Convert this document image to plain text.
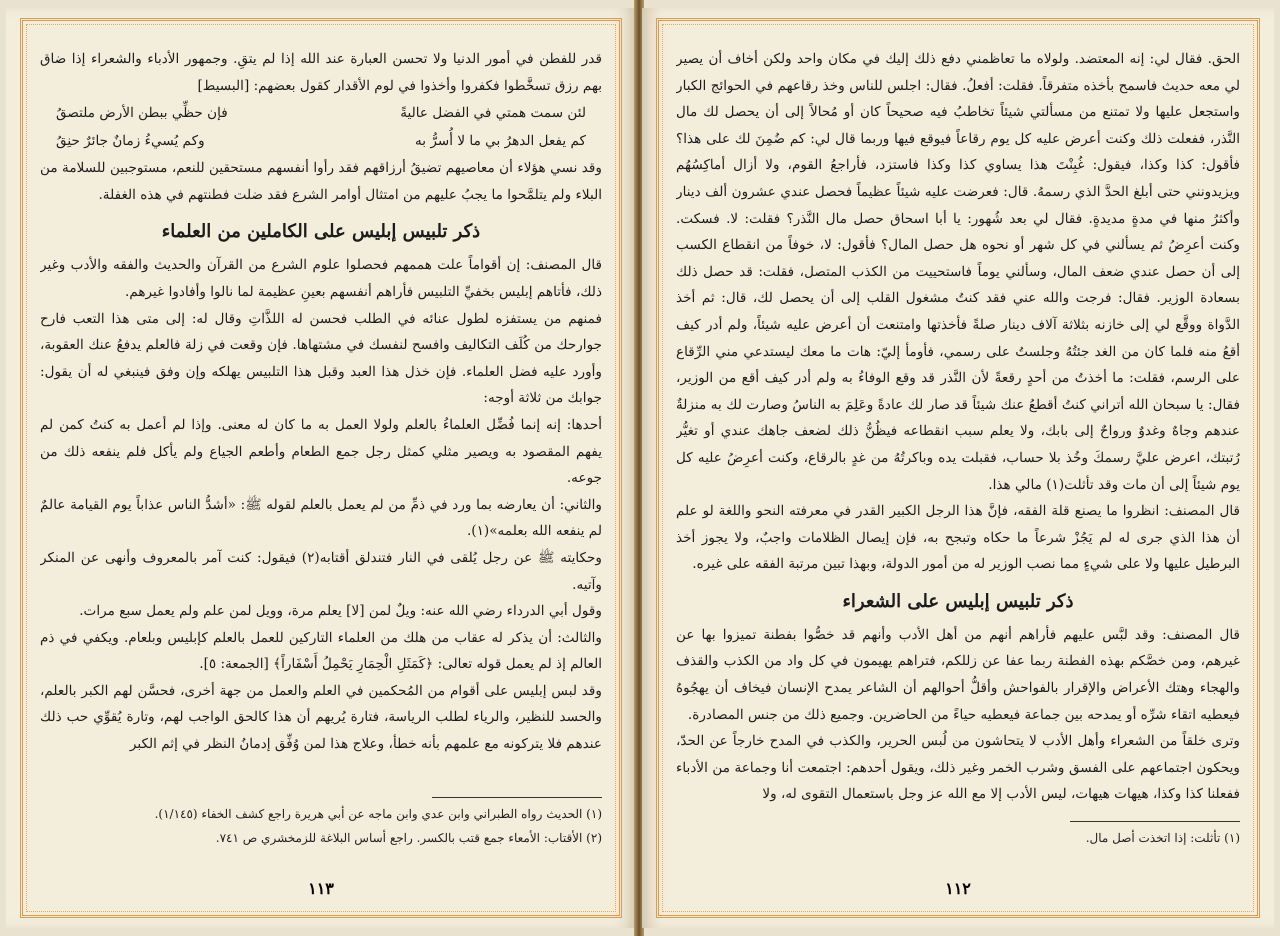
قدر للفطن في أمور الدنيا ولا تحسن العبارة عند الله إذا لم يتقِ. وجمهور الأدباء والشعراء إذا ضاق بهم رزق تسخَّطوا فكفروا وأخذوا في لوم الأقدار كقول بعضهم: [البسيط]

لئن سمت همتي في الفضل عاليةً
فإن حظِّي ببطن الأرض ملتصقُ
كم يفعل الدهرُ بي ما لا أُسرُّ به
وكم يُسيءُ زمانٌ جائرٌ حنِقُ

وقد نسي هؤلاء أن معاصيهم تضيقُ أرزاقهم فقد رأوا أنفسهم مستحقين للنعم، مستوجبين للسلامة من البلاء ولم يتلمَّحوا ما يجبُ عليهم من امتثال أوامر الشرع فقد ضلت فطنتهم في هذه الغفلة.

ذكر تلبيس إبليس على الكاملين من العلماء

قال المصنف: إن أقواماً علت هممهم فحصلوا علوم الشرع من القرآن والحديث والفقه والأدب وغير ذلك، فأتاهم إبليس بخفيِّ التلبيس فأراهم أنفسهم بعينِ عظيمة لما نالوا وأفادوا غيرهم.

فمنهم من يستفزه لطول عنائه في الطلب فحسن له اللذَّاتِ وقال له: إلى متى هذا التعب فارح جوارحك من كُلَف التكاليف وافسح لنفسك في مشتهاها. فإن وقعت في زلة فالعلم يدفعُ عنك العقوبة، وأورد عليه فضل العلماء. فإن خذل هذا العبد وقبل هذا التلبيس يهلكه وإن وفق فينبغي له أن يقول: جوابك من ثلاثة أوجه:

أحدها: إنه إنما فُضِّل العلماءُ بالعلم ولولا العمل به ما كان له معنى. وإذا لم أعمل به كنتُ كمن لم يفهم المقصود به ويصير مثلي كمثل رجل جمع الطعام وأطعم الجياع ولم يأكل فلم ينفعه ذلك من جوعه.

والثاني: أن يعارضه بما ورد في ذمِّ من لم يعمل بالعلم لقوله ﷺ: «أشدُّ الناس عذاباً يوم القيامة عالمٌ لم ينفعه الله بعلمه»(١).

وحكايته ﷺ عن رجل يُلقى في النار فتندلق أقتابه(٢) فيقول: كنت آمر بالمعروف وأنهى عن المنكر وآتيه.

وقول أبي الدرداء رضي الله عنه: ويلٌ لمن [لا] يعلم مرة، وويل لمن علم ولم يعمل سبع مرات.

والثالث: أن يذكر له عقاب من هلك من العلماء التاركين للعمل بالعلم كإبليس وبلعام. ويكفي في ذم العالم إذ لم يعمل قوله تعالى: ﴿كَمَثَلِ الْحِمَارِ يَحْمِلُ أَسْفَاراً﴾ [الجمعة: ٥].

وقد لبس إبليس على أقوام من المُحكمين في العلم والعمل من جهة أخرى، فحسَّن لهم الكبر بالعلم، والحسد للنظير، والرياء لطلب الرياسة، فتارة يُريهم أن هذا كالحق الواجب لهم، وتارة يُقوِّي حب ذلك عندهم فلا يتركونه مع علمهم بأنه خطأ، وعلاج هذا لمن وُفِّق إدمانُ النظر في إثم الكبر

(١) الحديث رواه الطبراني وابن عدي وابن ماجه عن أبي هريرة راجع كشف الخفاء (١/١٤٥).
(٢) الأقتاب: الأمعاء جمع قتب بالكسر. راجع أساس البلاغة للزمخشري ص ٧٤١.
١١٣

الحق. فقال لي: إنه المعتضد. ولولاه ما تعاظمني دفع ذلك إليك في مكان واحد ولكن أخاف أن يصير لي معه حديث فاسمح بأخذه متفرقاً. فقلت: أفعلُ. فقال: اجلس للناس وخذ رقاعهم في الحوائج الكبار واستجعل عليها ولا تمتنع من مسألتي شيئاً تخاطبُ فيه صحيحاً كان أو مُحالاً إلى أن يحصل لك مال النَّذر، ففعلت ذلك وكنت أعرض عليه كل يوم رقاعاً فيوقع فيها وربما قال لي: كم ضُمِنَ لك على هذا؟ فأقول: كذا وكذا، فيقول: غُبِنْتَ هذا يساوي كذا وكذا فاستزد، فأراجعُ القوم، ولا أزال أماكِسُهُم ويزيدونني حتى أبلغ الحدَّ الذي رسمهُ. قال: فعرضت عليه شيئاً عظيماً فحصل عندي عشرون ألف دينار وأكثرُ منها في مدةٍ مديدةٍ. فقال لي بعد شُهور: يا أبا اسحاق حصل مال النَّذر؟ فقلت: لا. فسكت. وكنت أعرِضُ ثم يسألني في كل شهر أو نحوه هل حصل المال؟ فأقول: لا، خوفاً من انقطاع الكسب إلى أن حصل عندي ضعف المال، وسألني يوماً فاستحييت من الكذب المتصل، فقلت: قد حصل ذلك بسعادة الوزير. فقال: فرجت والله عني فقد كنتُ مشغول القلب إلى أن يحصل لك، قال: ثم أخذ الدَّواة ووقَّع لي إلى خازنه بثلاثة آلاف دينار صلةً فأخذتها وامتنعت أن أعرض عليه شيئاً، ولم أدر كيف أقعُ منه فلما كان من الغد جئتُهُ وجلستُ على رسمي، فأومأ إليّ: هات ما معك ليستدعي مني الرِّقاع على الرسم، فقلت: ما أخذتُ من أحدٍ رقعةً لأن النَّذر قد وقع الوفاءُ به ولم أدر كيف أقع من الوزير، فقال: يا سبحان الله أتراني كنتُ أقطعُ عنك شيئاً قد صار لك عادةً وعَلِمَ به الناسُ وصارت لك به منزلةٌ عندهم وجاهٌ وغدوٌ ورواحٌ إلى بابك، ولا يعلم سبب انقطاعه فيظُنُّ ذلك لضعف جاهك عندي أو تغيُّر رُتبتك، اعرض عليَّ رسمكَ وخُذ بلا حساب، فقبلت يده وباكرتُهُ من غدٍ بالرقاع، وكنت أعرِضُ عليه كل يوم شيئاً إلى أن مات وقد تأثلت(١) مالي هذا.

قال المصنف: انظروا ما يصنع قلة الفقه، فإنَّ هذا الرجل الكبير القدر في معرفته النحو واللغة لو علم أن هذا الذي جرى له لم يَجُزْ شرعاً ما حكاه وتبجح به، فإن إيصال الظلامات واجبٌ، ولا يجوز أخذ البرطيل عليها ولا على شيءٍ مما نصب الوزير له من أمور الدولة، وبهذا تبين مرتبة الفقه على غيره.

ذكر تلبيس إبليس على الشعراء

قال المصنف: وقد لبَّس عليهم فأراهم أنهم من أهل الأدب وأنهم قد خصُّوا بفطنة تميزوا بها عن غيرهم، ومن خصَّكم بهذه الفطنة ربما عفا عن زللكم، فتراهم يهيمون في كل واد من الكذب والقذف والهجاء وهتك الأعراض والإقرار بالفواحش وأقلُّ أحوالهم أن الشاعر يمدح الإنسان فيخاف أن يهجُوهُ فيعطيه اتقاء شرِّه أو يمدحه بين جماعة فيعطيه حياءً من الحاضرين. وجميع ذلك من جنس المصادرة.

وترى خلقاً من الشعراء وأهل الأدب لا يتحاشون من لُبس الحرير، والكذب في المدح خارجاً عن الحدّ، ويحكون اجتماعهم على الفسق وشرب الخمر وغير ذلك، ويقول أحدهم: اجتمعت أنا وجماعة من الأدباء ففعلنا كذا وكذا، هيهات هيهات، ليس الأدب إلا مع الله عز وجل باستعمال التقوى له، ولا

(١) تأثلت: إذا اتخذت أصل مال.
١١٢
